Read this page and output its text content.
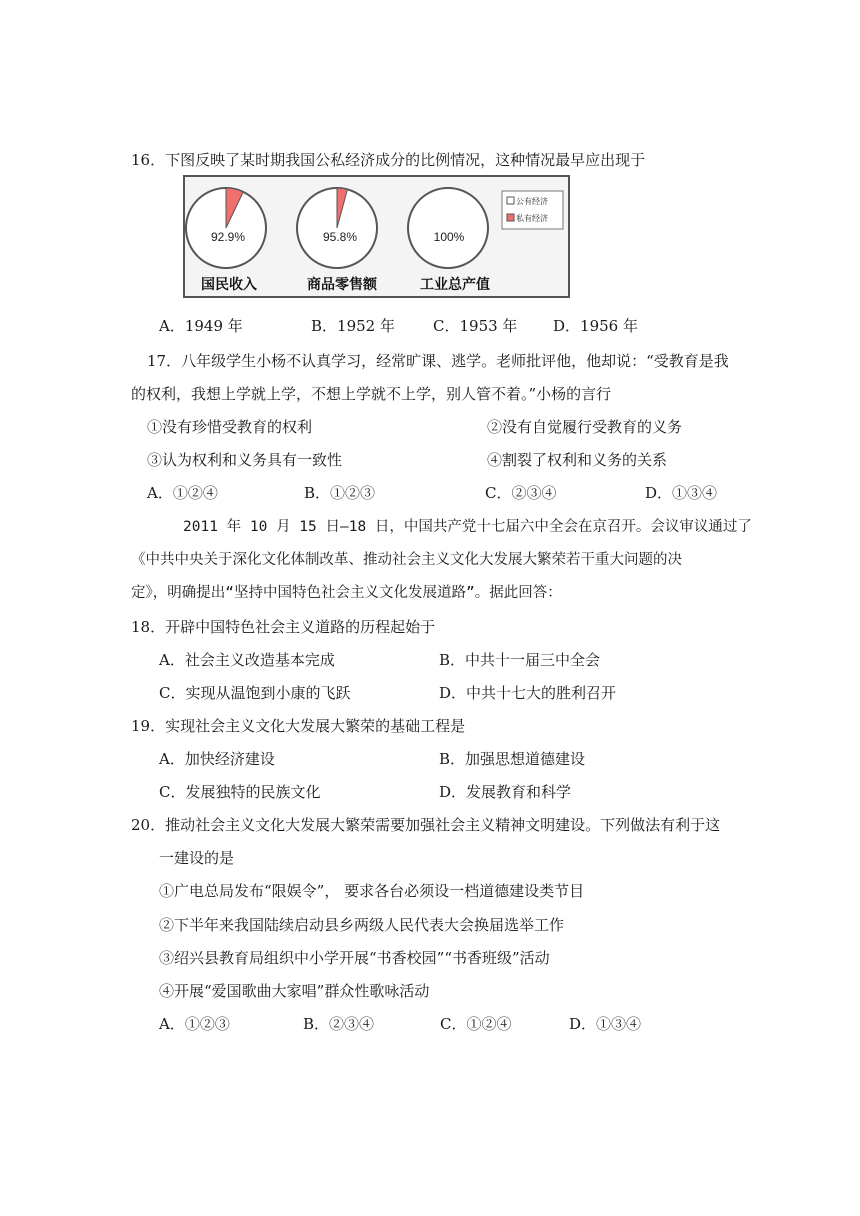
16．下图反映了某时期我国公私经济成分的比例情况，这种情况最早应出现于
92.9%
国民收入
95.8%
商品零售额
100%
工业总产值
公有经济
私有经济
A．1949 年	B．1952 年	C．1953 年 D．1956 年
17．八年级学生小杨不认真学习，经常旷课、逃学。老师批评他，他却说：“受教育是我
的权利，我想上学就上学，不想上学就不上学，别人管不着。”小杨的言行
①没有珍惜受教育的权利	②没有自觉履行受教育的义务
③认为权利和义务具有一致性	④割裂了权利和义务的关系
A．①②④	B．①②③	C．②③④	D．①③④
2011 年 10 月 15 日—18 日，中国共产党十七届六中全会在京召开。会议审议通过了
《中共中央关于深化文化体制改革、推动社会主义文化大发展大繁荣若干重大问题的决
定》，明确提出“坚持中国特色社会主义文化发展道路”。据此回答：
18．开辟中国特色社会主义道路的历程起始于
A．社会主义改造基本完成	B．中共十一届三中全会
C．实现从温饱到小康的飞跃	D．中共十七大的胜利召开
19．实现社会主义文化大发展大繁荣的基础工程是
A．加快经济建设	B．加强思想道德建设
C．发展独特的民族文化	D．发展教育和科学
20．推动社会主义文化大发展大繁荣需要加强社会主义精神文明建设。下列做法有利于这
一建设的是
①广电总局发布“限娱令”， 要求各台必须设一档道德建设类节目
②下半年来我国陆续启动县乡两级人民代表大会换届选举工作
③绍兴县教育局组织中小学开展“书香校园”“书香班级”活动
④开展“爱国歌曲大家唱”群众性歌咏活动
A．①②③	B．②③④	C．①②④	D．①③④
